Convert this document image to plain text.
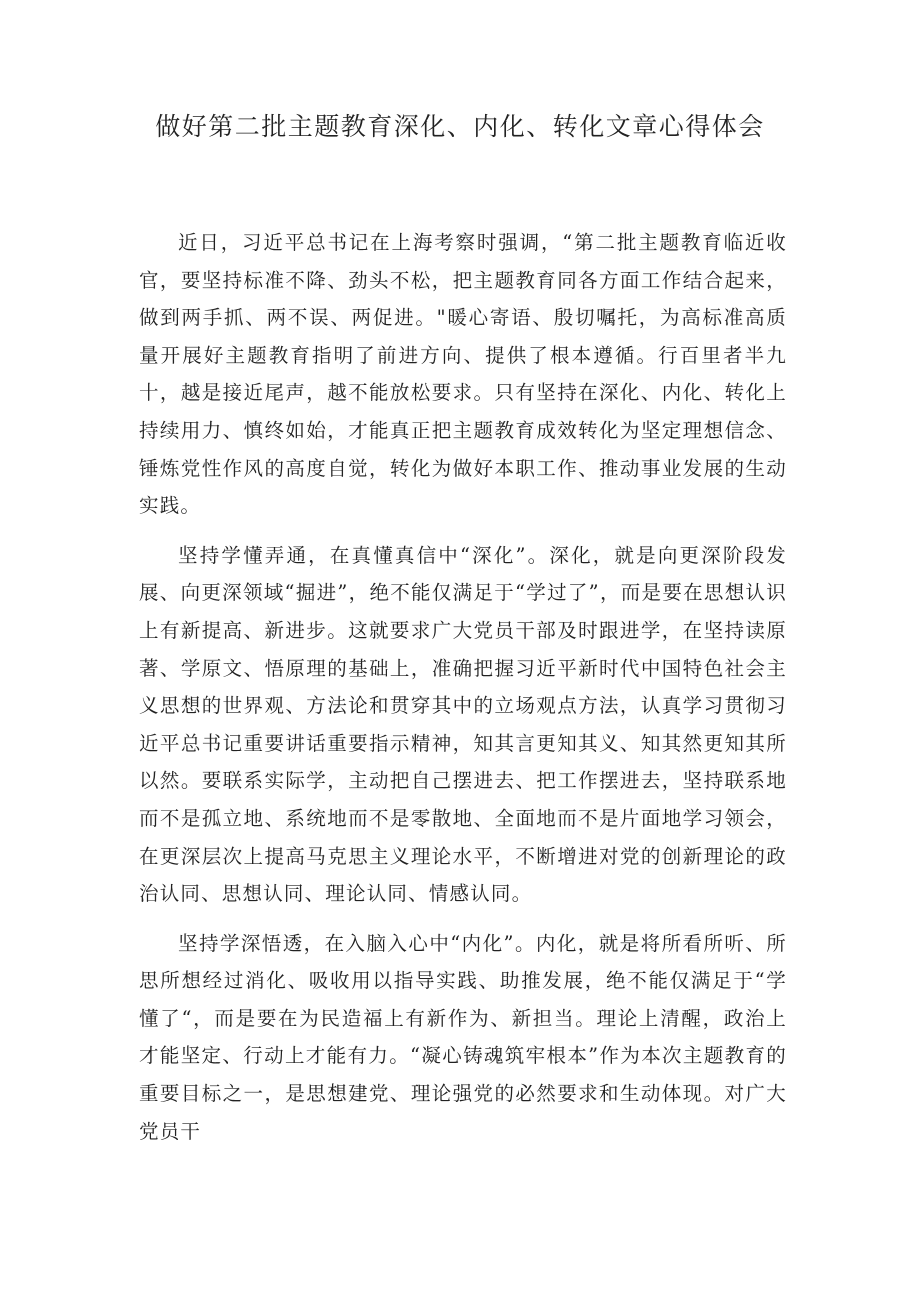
做好第二批主题教育深化、内化、转化文章心得体会

近日，习近平总书记在上海考察时强调，“第二批主题教育临近收官，要坚持标准不降、劲头不松，把主题教育同各方面工作结合起来，做到两手抓、两不误、两促进。"暖心寄语、殷切嘱托，为高标准高质量开展好主题教育指明了前进方向、提供了根本遵循。行百里者半九十，越是接近尾声，越不能放松要求。只有坚持在深化、内化、转化上持续用力、慎终如始，才能真正把主题教育成效转化为坚定理想信念、锤炼党性作风的高度自觉，转化为做好本职工作、推动事业发展的生动实践。

坚持学懂弄通，在真懂真信中“深化”。深化，就是向更深阶段发展、向更深领域“掘进”，绝不能仅满足于“学过了”，而是要在思想认识上有新提高、新进步。这就要求广大党员干部及时跟进学，在坚持读原著、学原文、悟原理的基础上，准确把握习近平新时代中国特色社会主义思想的世界观、方法论和贯穿其中的立场观点方法，认真学习贯彻习近平总书记重要讲话重要指示精神，知其言更知其义、知其然更知其所以然。要联系实际学，主动把自己摆进去、把工作摆进去，坚持联系地而不是孤立地、系统地而不是零散地、全面地而不是片面地学习领会，在更深层次上提高马克思主义理论水平，不断增进对党的创新理论的政治认同、思想认同、理论认同、情感认同。

坚持学深悟透，在入脑入心中“内化”。内化，就是将所看所听、所思所想经过消化、吸收用以指导实践、助推发展，绝不能仅满足于“学懂了“，而是要在为民造福上有新作为、新担当。理论上清醒，政治上才能坚定、行动上才能有力。“凝心铸魂筑牢根本”作为本次主题教育的重要目标之一，是思想建党、理论强党的必然要求和生动体现。对广大党员干
